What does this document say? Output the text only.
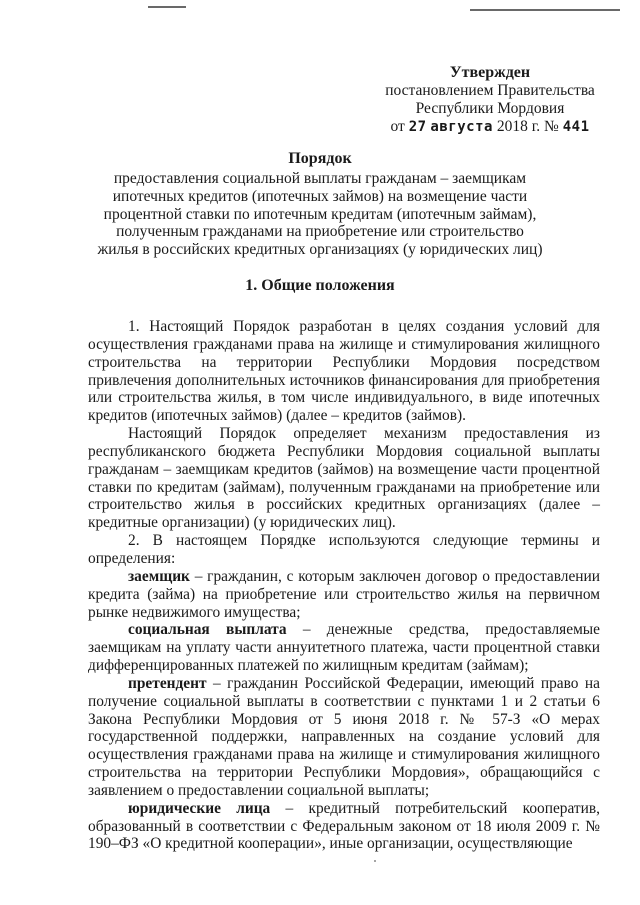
Утвержден
постановлением Правительства
Республики Мордовия
от 27 августа 2018 г. № 441
Порядок
предоставления социальной выплаты гражданам – заемщикам ипотечных кредитов (ипотечных займов) на возмещение части процентной ставки по ипотечным кредитам (ипотечным займам), полученным гражданами на приобретение или строительство жилья в российских кредитных организациях (у юридических лиц)
1. Общие положения

1. Настоящий Порядок разработан в целях создания условий для осуществления гражданами права на жилище и стимулирования жилищного строительства на территории Республики Мордовия посредством привлечения дополнительных источников финансирования для приобретения или строительства жилья, в том числе индивидуального, в виде ипотечных кредитов (ипотечных займов) (далее – кредитов (займов).

Настоящий Порядок определяет механизм предоставления из республиканского бюджета Республики Мордовия социальной выплаты гражданам – заемщикам кредитов (займов) на возмещение части процентной ставки по кредитам (займам), полученным гражданами на приобретение или строительство жилья в российских кредитных организациях (далее – кредитные организации) (у юридических лиц).

2. В настоящем Порядке используются следующие термины и определения:

заемщик – гражданин, с которым заключен договор о предоставлении кредита (займа) на приобретение или строительство жилья на первичном рынке недвижимого имущества;

социальная выплата – денежные средства, предоставляемые заемщикам на уплату части аннуитетного платежа, части процентной ставки дифференцированных платежей по жилищным кредитам (займам);

претендент – гражданин Российской Федерации, имеющий право на получение социальной выплаты в соответствии с пунктами 1 и 2 статьи 6 Закона Республики Мордовия от 5 июня 2018 г. № 57-З «О мерах государственной поддержки, направленных на создание условий для осуществления гражданами права на жилище и стимулирования жилищного строительства на территории Республики Мордовия», обращающийся с заявлением о предоставлении социальной выплаты;

юридические лица – кредитный потребительский кооператив, образованный в соответствии с Федеральным законом от 18 июля 2009 г. № 190–ФЗ «О кредитной кооперации», иные организации, осуществляющие
